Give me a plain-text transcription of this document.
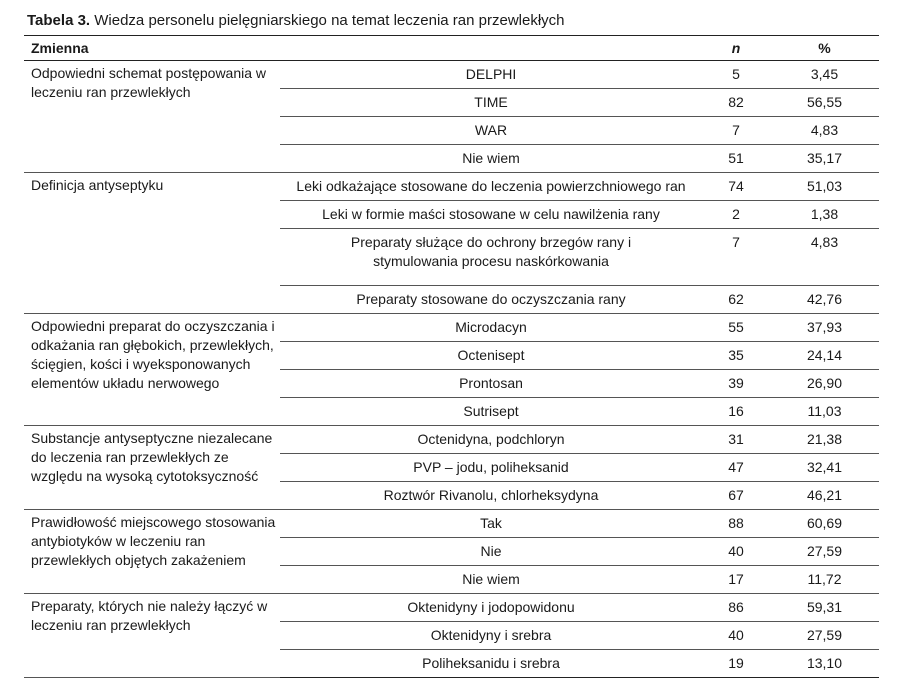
Tabela 3. Wiedza personelu pielęgniarskiego na temat leczenia ran przewlekłych
Zmienna		n	%
Odpowiedni schemat postępowania w leczeniu ran przewlekłych	DELPHI	5	3,45
	TIME	82	56,55
	WAR	7	4,83
	Nie wiem	51	35,17
Definicja antyseptyku	Leki odkażające stosowane do leczenia powierzchniowego ran	74	51,03
	Leki w formie maści stosowane w celu nawilżenia rany	2	1,38
	Preparaty służące do ochrony brzegów rany i stymulowania procesu naskórkowania	7	4,83
	Preparaty stosowane do oczyszczania rany	62	42,76
Odpowiedni preparat do oczyszczania i odkażania ran głębokich, przewlekłych, ścięgien, kości i wyeksponowanych elementów układu nerwowego	Microdacyn	55	37,93
	Octenisept	35	24,14
	Prontosan	39	26,90
	Sutrisept	16	11,03
Substancje antyseptyczne niezalecane do leczenia ran przewlekłych ze względu na wysoką cytotoksyczność	Octenidyna, podchloryn	31	21,38
	PVP – jodu, poliheksanid	47	32,41
	Roztwór Rivanolu, chlorheksydyna	67	46,21
Prawidłowość miejscowego stosowania antybiotyków w leczeniu ran przewlekłych objętych zakażeniem	Tak	88	60,69
	Nie	40	27,59
	Nie wiem	17	11,72
Preparaty, których nie należy łączyć w leczeniu ran przewlekłych	Oktenidyny i jodopowidonu	86	59,31
	Oktenidyny i srebra	40	27,59
	Poliheksanidu i srebra	19	13,10
